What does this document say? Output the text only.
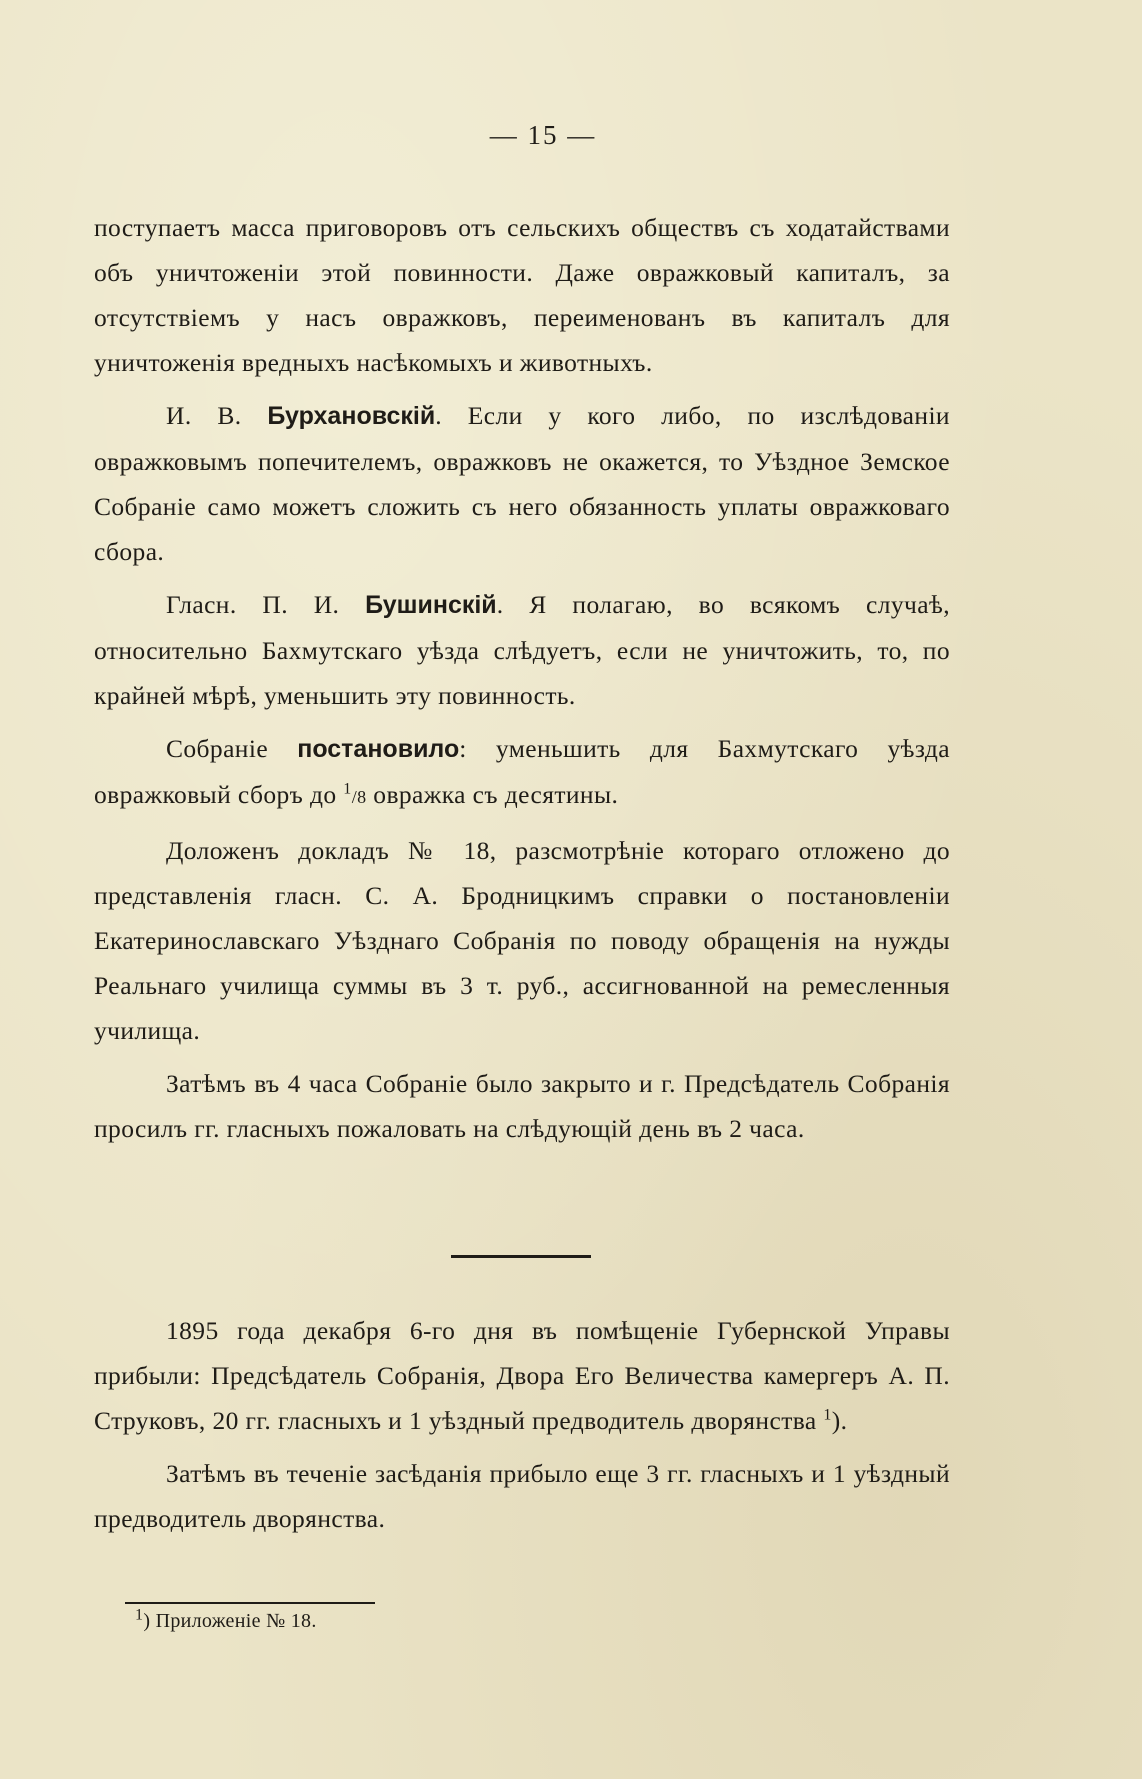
— 15 —

поступаетъ масса приговоровъ отъ сельскихъ обществъ съ ходатайствами объ уничтоженіи этой повинности. Даже овражковый капиталъ, за отсутствіемъ у насъ овражковъ, переименованъ въ капиталъ для уничтоженія вредныхъ насѣкомыхъ и животныхъ.

И. В. Бурхановскій. Если у кого либо, по изслѣдованіи овражковымъ попечителемъ, овражковъ не окажется, то Уѣздное Земское Собраніе само можетъ сложить съ него обязанность уплаты овражковаго сбора.

Гласн. П. И. Бушинскій. Я полагаю, во всякомъ случаѣ, относительно Бахмутскаго уѣзда слѣдуетъ, если не уничтожить, то, по крайней мѣрѣ, уменьшить эту повинность.

Собраніе постановило: уменьшить для Бахмутскаго уѣзда овражковый сборъ до $^1$/8 овражка съ десятины.

Доложенъ докладъ № 18, разсмотрѣніе котораго отложено до представленія гласн. С. А. Бродницкимъ справки о постановленіи Екатеринославскаго Уѣзднаго Собранія по поводу обращенія на нужды Реальнаго училища суммы въ 3 т. руб., ассигнованной на ремесленныя училища.

Затѣмъ въ 4 часа Собраніе было закрыто и г. Предсѣдатель Собранія просилъ гг. гласныхъ пожаловать на слѣдующій день въ 2 часа.

1895 года декабря 6-го дня въ помѣщеніе Губернской Управы прибыли: Предсѣдатель Собранія, Двора Его Величества камергеръ А. П. Струковъ, 20 гг. гласныхъ и 1 уѣздный предводитель дворянства $^1$).

Затѣмъ въ теченіе засѣданія прибыло еще 3 гг. гласныхъ и 1 уѣздный предводитель дворянства.

$^1$) Приложеніе № 18.
